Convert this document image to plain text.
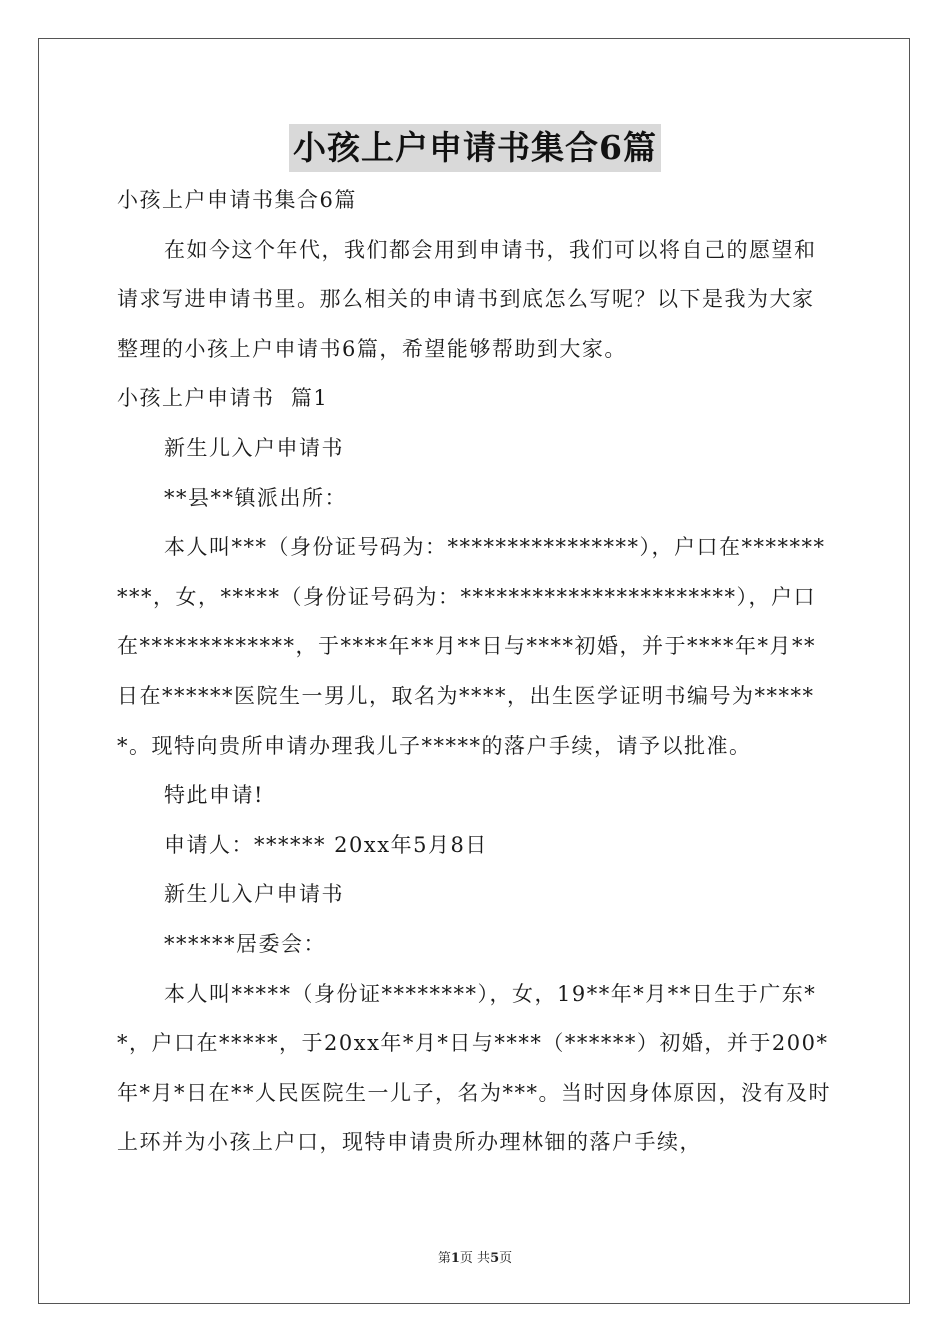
小孩上户申请书集合6篇

小孩上户申请书集合6篇

在如今这个年代，我们都会用到申请书，我们可以将自己的愿望和请求写进申请书里。那么相关的申请书到底怎么写呢？以下是我为大家整理的小孩上户申请书6篇，希望能够帮助到大家。

小孩上户申请书  篇1

新生儿入户申请书

**县**镇派出所：

本人叫***（身份证号码为：****************），户口在**********，女，*****（身份证号码为：***********************），户口在*************，于****年**月**日与****初婚，并于****年*月**日在******医院生一男儿，取名为****，出生医学证明书编号为******。现特向贵所申请办理我儿子*****的落户手续，请予以批准。

特此申请!

申请人：****** 20xx年5月8日

新生儿入户申请书

******居委会：

本人叫*****（身份证********），女，19**年*月**日生于广东**，户口在*****，于20xx年*月*日与****（******）初婚，并于200*年*月*日在**人民医院生一儿子，名为***。当时因身体原因，没有及时上环并为小孩上户口，现特申请贵所办理林钿的落户手续，

第1页 共5页
